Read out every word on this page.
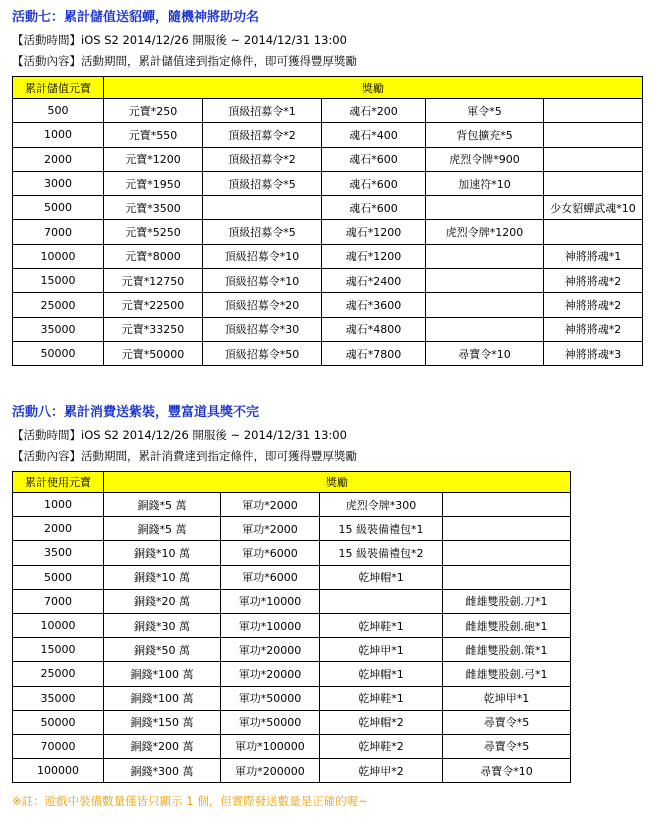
活動七：累計儲值送貂蟬，隨機神將助功名
【活動時間】iOS S2 2014/12/26 開服後 ~ 2014/12/31 13:00
【活動內容】活動期間，累計儲值達到指定條件，即可獲得豐厚獎勵
累計儲值元寶	獎勵				
500	元寶*250	頂級招募令*1	魂石*200	軍令*5	
1000	元寶*550	頂級招募令*2	魂石*400	背包擴充*5	
2000	元寶*1200	頂級招募令*2	魂石*600	虎烈令牌*900	
3000	元寶*1950	頂級招募令*5	魂石*600	加速符*10	
5000	元寶*3500		魂石*600		少女貂蟬武魂*10
7000	元寶*5250	頂級招募令*5	魂石*1200	虎烈令牌*1200	
10000	元寶*8000	頂級招募令*10	魂石*1200		神將將魂*1
15000	元寶*12750	頂級招募令*10	魂石*2400		神將將魂*2
25000	元寶*22500	頂級招募令*20	魂石*3600		神將將魂*2
35000	元寶*33250	頂級招募令*30	魂石*4800		神將將魂*2
50000	元寶*50000	頂級招募令*50	魂石*7800	尋寶令*10	神將將魂*3
活動八：累計消費送紫裝，豐富道具獎不完
【活動時間】iOS S2 2014/12/26 開服後 ~ 2014/12/31 13:00
【活動內容】活動期間，累計消費達到指定條件，即可獲得豐厚獎勵
累計使用元寶	獎勵			
1000	銅錢*5 萬	軍功*2000	虎烈令牌*300	
2000	銅錢*5 萬	軍功*2000	15 級裝備禮包*1	
3500	銅錢*10 萬	軍功*6000	15 級裝備禮包*2	
5000	銅錢*10 萬	軍功*6000	乾坤帽*1	
7000	銅錢*20 萬	軍功*10000		雌雄雙股劍.刀*1
10000	銅錢*30 萬	軍功*10000	乾坤鞋*1	雌雄雙股劍.砲*1
15000	銅錢*50 萬	軍功*20000	乾坤甲*1	雌雄雙股劍.策*1
25000	銅錢*100 萬	軍功*20000	乾坤帽*1	雌雄雙股劍.弓*1
35000	銅錢*100 萬	軍功*50000	乾坤鞋*1	乾坤甲*1
50000	銅錢*150 萬	軍功*50000	乾坤帽*2	尋寶令*5
70000	銅錢*200 萬	軍功*100000	乾坤鞋*2	尋寶令*5
100000	銅錢*300 萬	軍功*200000	乾坤甲*2	尋寶令*10
※註：遊戲中裝備數量僅皆只顯示 1 個，但實際發送數量是正確的喔~
